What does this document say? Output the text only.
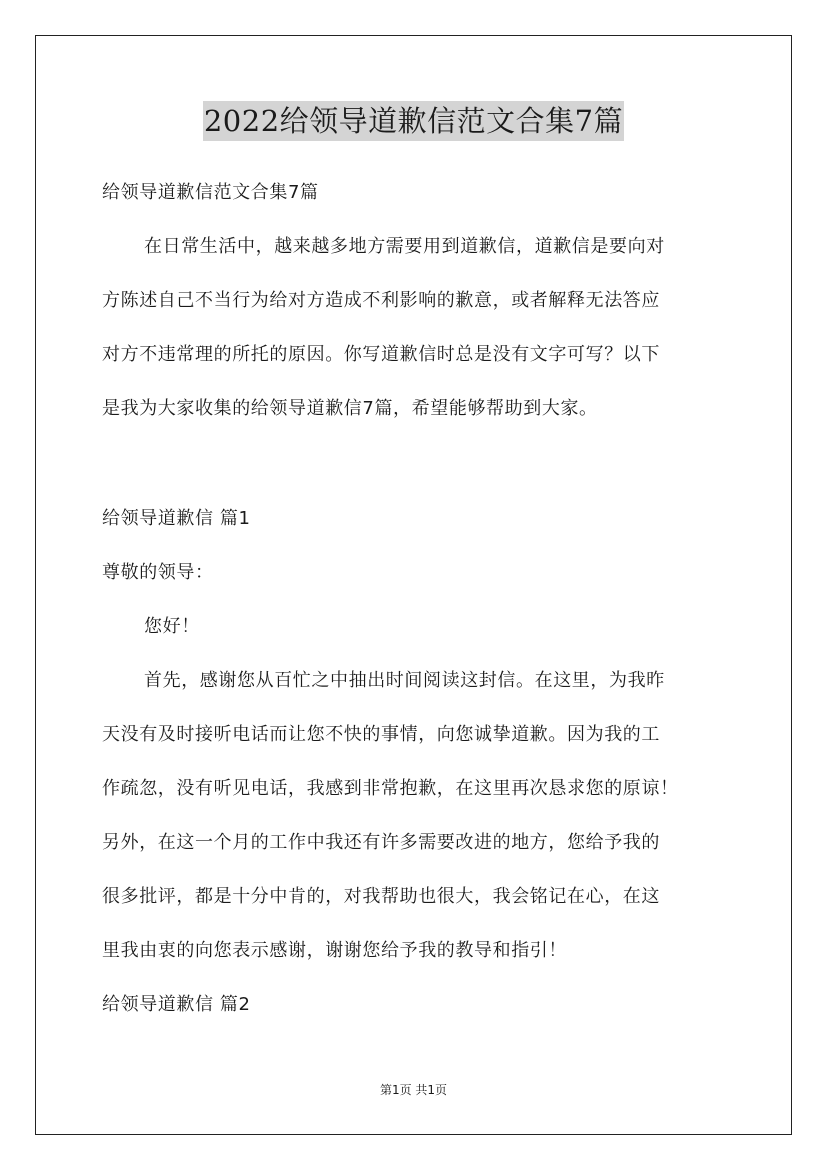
2022给领导道歉信范文合集7篇
给领导道歉信范文合集7篇
在日常生活中，越来越多地方需要用到道歉信，道歉信是要向对
方陈述自己不当行为给对方造成不利影响的歉意，或者解释无法答应
对方不违常理的所托的原因。你写道歉信时总是没有文字可写？以下
是我为大家收集的给领导道歉信7篇，希望能够帮助到大家。
给领导道歉信 篇1
尊敬的领导：
您好！
首先，感谢您从百忙之中抽出时间阅读这封信。在这里，为我昨
天没有及时接听电话而让您不快的事情，向您诚挚道歉。因为我的工
作疏忽，没有听见电话，我感到非常抱歉，在这里再次恳求您的原谅！
另外，在这一个月的工作中我还有许多需要改进的地方，您给予我的
很多批评，都是十分中肯的，对我帮助也很大，我会铭记在心，在这
里我由衷的向您表示感谢，谢谢您给予我的教导和指引！
给领导道歉信 篇2
第1页 共1页
